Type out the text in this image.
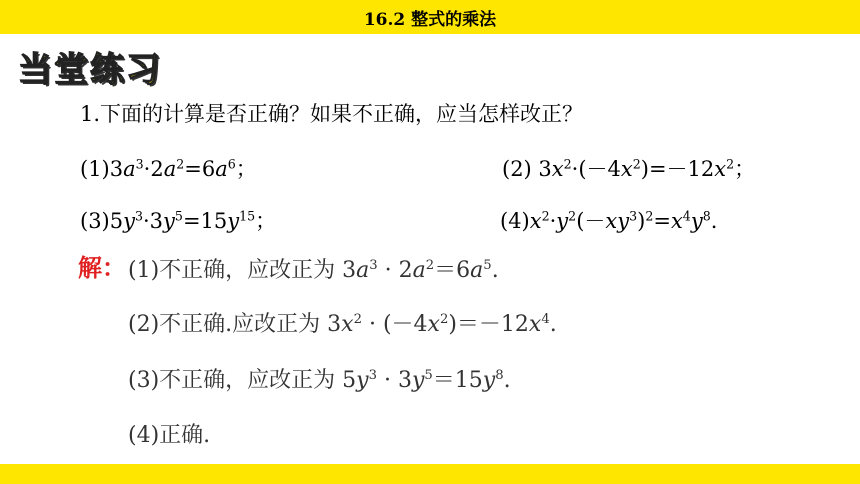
16.2 整式的乘法
当堂练习
1.下面的计算是否正确？如果不正确，应当怎样改正？
$(1)3a^3\cdot 2a^2=6a^6$；	(2) $3x^2\cdot(-4x^2)=-12x^2$；
$(3)5y^3\cdot 3y^5=15y^{15}$；	$(4)x^2\cdot y^2(-xy^3)^2=x^4y^8$.
解： (1)不正确，应改正为 $3a^3 \cdot 2a^2=6a^5$.
(2)不正确.应改正为 $3x^2 \cdot (-4x^2)=-12x^4$.
(3)不正确，应改正为 $5y^3 \cdot 3y^5=15y^8$.
(4)正确.
